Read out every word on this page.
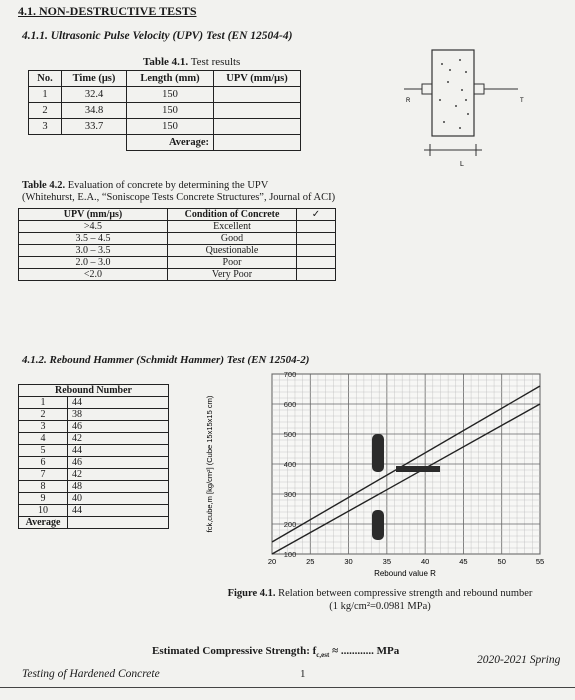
4.1. NON-DESTRUCTIVE TESTS
4.1.1. Ultrasonic Pulse Velocity (UPV) Test (EN 12504-4)
Table 4.1. Test results
No.	Time (μs)	Length (mm)	UPV (mm/μs)
1	32.4	150	
2	34.8	150	
3	33.7	150	
		Average:	
R	T
L
Table 4.2. Evaluation of concrete by determining the UPV
(Whitehurst, E.A., “Soniscope Tests Concrete Structures”, Journal of ACI)
UPV (mm/μs)	Condition of Concrete	✓
>4.5	Excellent	
3.5 – 4.5	Good	
3.0 – 3.5	Questionable	
2.0 – 3.0	Poor	
<2.0	Very Poor	
4.1.2. Rebound Hammer (Schmidt Hammer) Test (EN 12504-2)
Rebound Number	
1	44
2	38
3	46
4	42
5	44
6	46
7	42
8	48
9	40
10	44
Average	
20	25	30	35	40	45	50	55
100
200
300
400
500
600
700
fck,cube,m [kg/cm²] (Cube 15x15x15 cm)
Rebound value R
Figure 4.1. Relation between compressive strength and rebound number
(1 kg/cm²=0.0981 MPa)
Estimated Compressive Strength: $f_{c,est}$ ≈ ............ MPa
2020-2021 Spring
Testing of Hardened Concrete	1
